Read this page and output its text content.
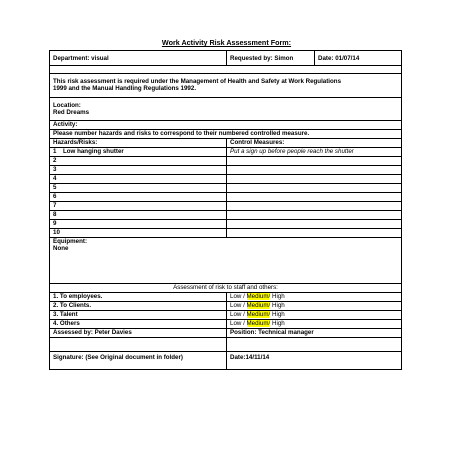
Work Activity Risk Assessment Form:
Department: visual	Requested by: Simon	Date: 01/07/14
This risk assessment is required under the Management of Health and Safety at Work Regulations
1999 and the Manual Handling Regulations 1992.
Location:
Red Dreams
Activity:
Please number hazards and risks to correspond to their numbered controlled measure.
Hazards/Risks:	Control Measures:
1 Low hanging shutter	Put a sign up before people reach the shutter
2
3
4
5
6
7
8
9
10
Equipment:
None
Assessment of risk to staff and others:
1. To employees.	Low / Medium/ High
2. To Clients.	Low / Medium/ High
3. Talent	Low / Medium/ High
4. Others	Low / Medium/ High
Assessed by: Peter Davies	Position: Technical manager
Signature: (See Original document in folder)	Date:14/11/14
